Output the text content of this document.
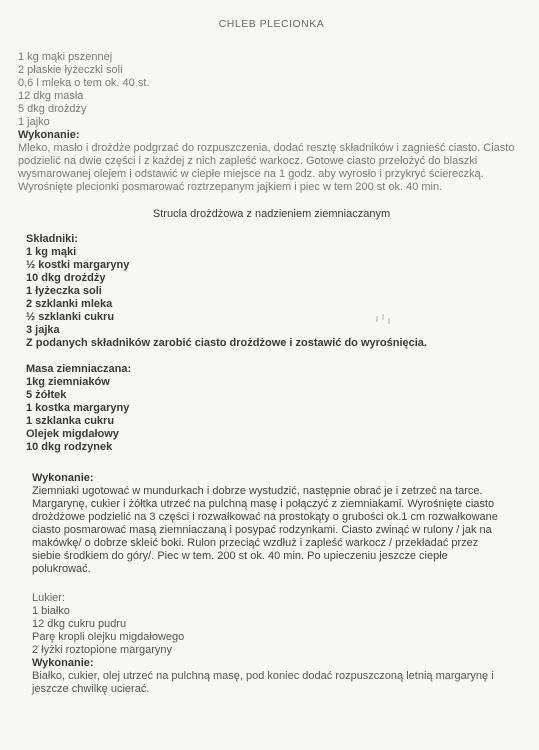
CHLEB PLECIONKA
1 kg mąki pszennej
2 płaskie łyżeczki soli
0,6 l mleka o tem ok. 40 st.
12 dkg masła
5 dkg drożdży
1 jajko
Wykonanie:
Mleko, masło i drożdże podgrzać do rozpuszczenia, dodać resztę składników i zagnieść ciasto. Ciasto podzielić na dwie części i z każdej z nich zapleść warkocz. Gotowe ciasto przełożyć do blaszki wysmarowanej olejem i odstawić w ciepłe miejsce na 1 godz. aby wyrosło i przykryć ściereczką. Wyrośnięte plecionki posmarować roztrzepanym jajkiem i piec w tem 200 st ok. 40 min.
Strucla drożdżowa z nadzieniem ziemniaczanym
Składniki:
1 kg mąki
½ kostki margaryny
10 dkg drożdży
1 łyżeczka soli
2 szklanki mleka
½ szklanki cukru
3 jajka
Z podanych składników zarobić ciasto drożdżowe i zostawić do wyrośnięcia.
Masa ziemniaczana:
1kg ziemniaków
5 żółtek
1 kostka margaryny
1 szklanka cukru
Olejek migdałowy
10 dkg rodzynek
Wykonanie:
Ziemniaki ugotować w mundurkach i dobrze wystudzić, następnie obrać je i zetrzeć na tarce. Margarynę, cukier i żółtka utrzeć na pulchną masę i połączyć z ziemniakami. Wyrośnięte ciasto drożdżowe podzielić na 3 części i rozwałkować na prostokąty o grubości ok.1 cm rozwałkowane ciasto posmarować masą ziemniaczaną i posypać rodzynkami. Ciasto zwinąć w rulony / jak na makówkę/ o dobrze skleić boki. Rulon przeciąć wzdłuż i zapleść warkocz / przekładać przez siebie środkiem do góry/. Piec w tem. 200 st ok. 40 min. Po upieczeniu jeszcze ciepłe polukrować.
Lukier:
1 białko
12 dkg cukru pudru
Parę kropli olejku migdałowego
2 łyżki roztopione margaryny
Wykonanie:
Białko, cukier, olej utrzeć na pulchną masę, pod koniec dodać rozpuszczoną letnią margarynę i jeszcze chwilkę ucierać.
